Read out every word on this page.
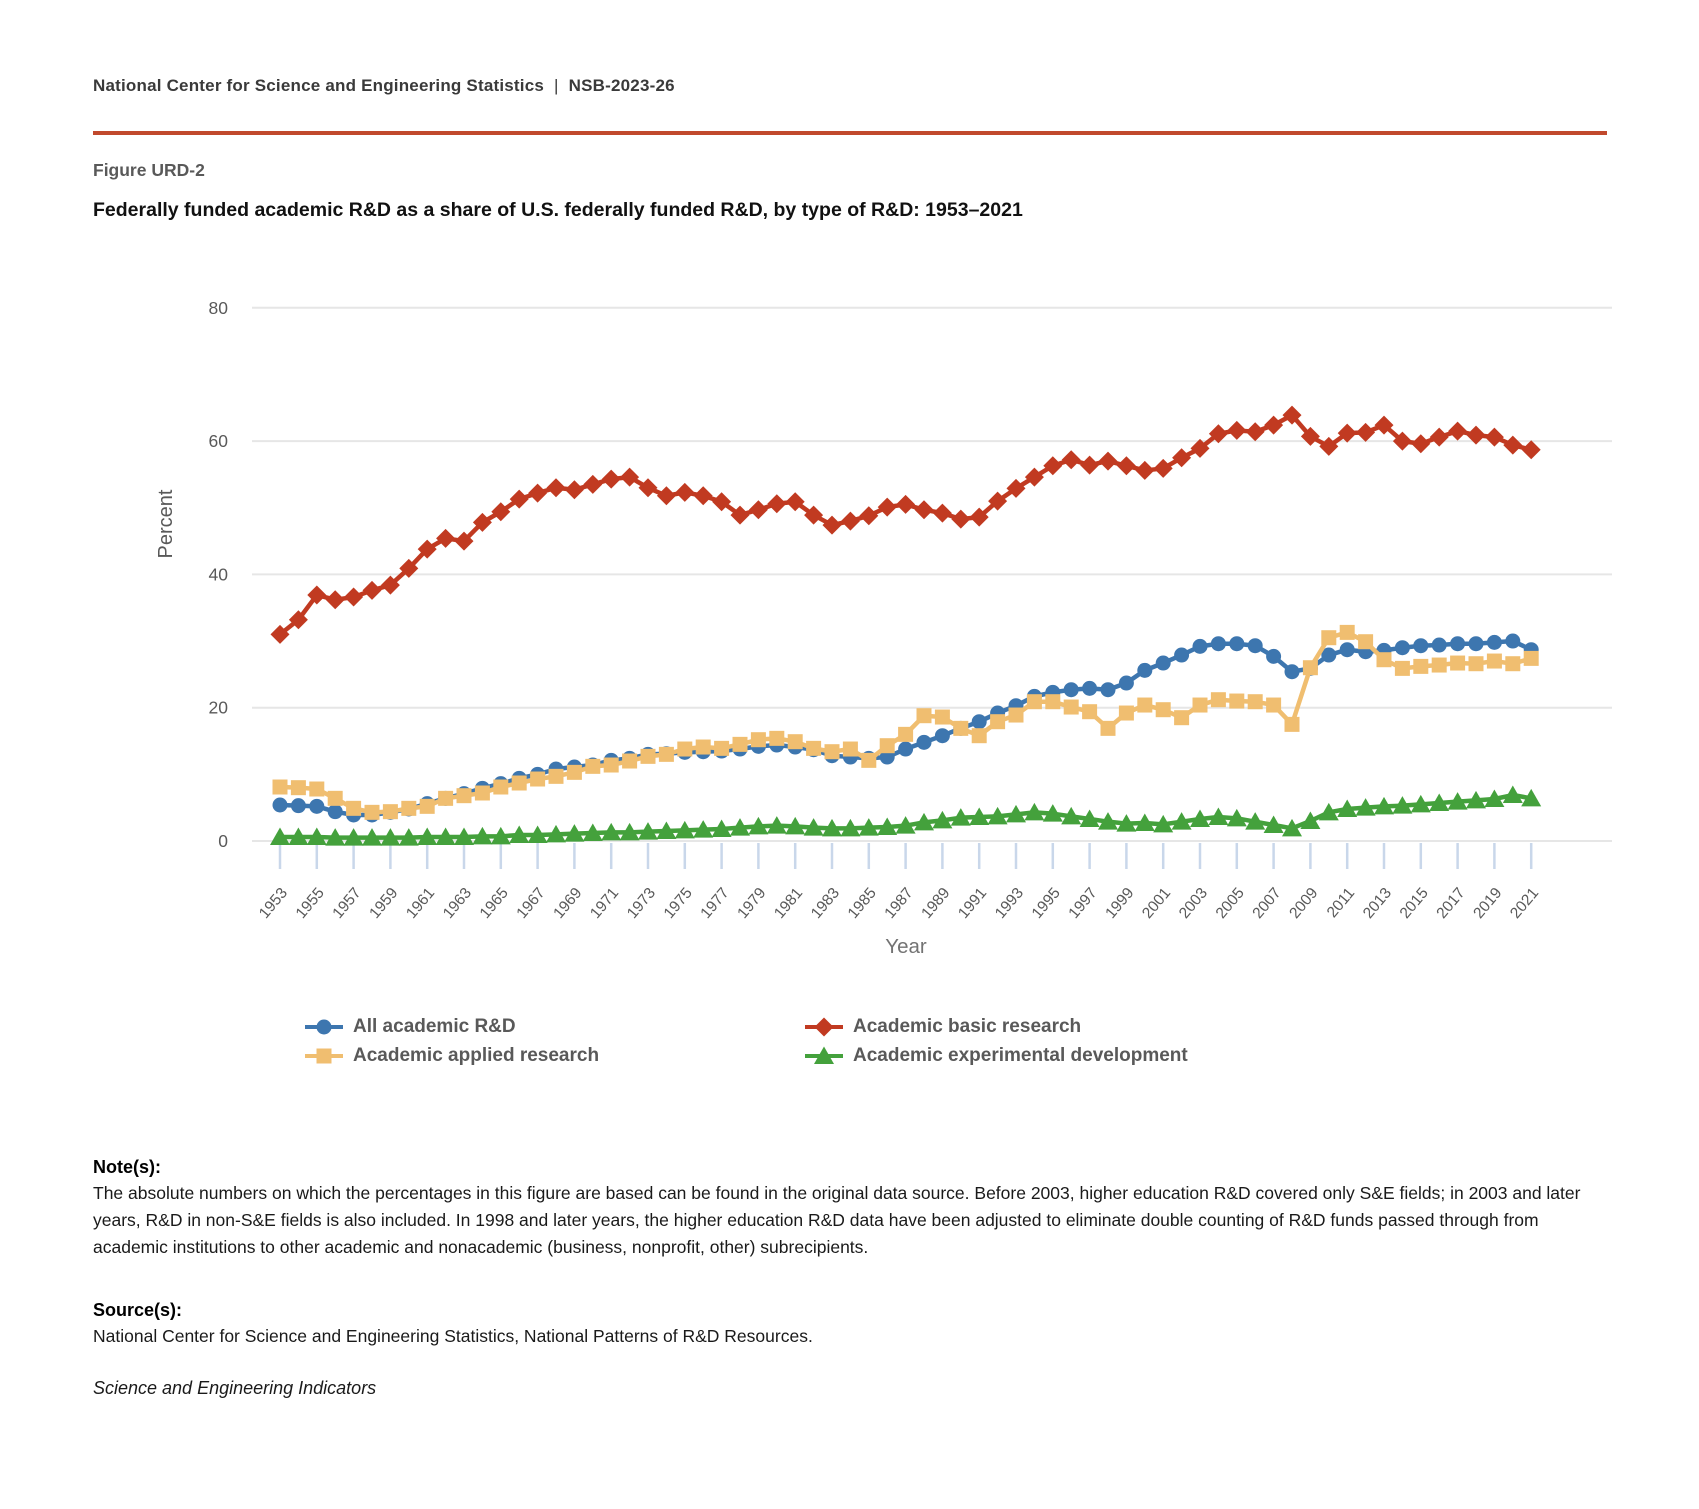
National Center for Science and Engineering Statistics | NSB-2023-26
Figure URD-2
Federally funded academic R&D as a share of U.S. federally funded R&D, by type of R&D: 1953–2021
0
20
40
60
80
1953 1955 1957 1959 1961 1963 1965 1967 1969 1971 1973 1975 1977 1979 1981 1983 1985 1987 1989 1991 1993 1995 1997 1999 2001 2003 2005 2007 2009 2011 2013 2015 2017 2019 2021
Percent
Year
All academic R&D	Academic basic research
Academic applied research	Academic experimental development
Note(s):

The absolute numbers on which the percentages in this figure are based can be found in the original data source. Before 2003, higher education R&D covered only S&E fields; in 2003 and later years, R&D in non-S&E fields is also included. In 1998 and later years, the higher education R&D data have been adjusted to eliminate double counting of R&D funds passed through from academic institutions to other academic and nonacademic (business, nonprofit, other) subrecipients.

Source(s):

National Center for Science and Engineering Statistics, National Patterns of R&D Resources.

Science and Engineering Indicators
